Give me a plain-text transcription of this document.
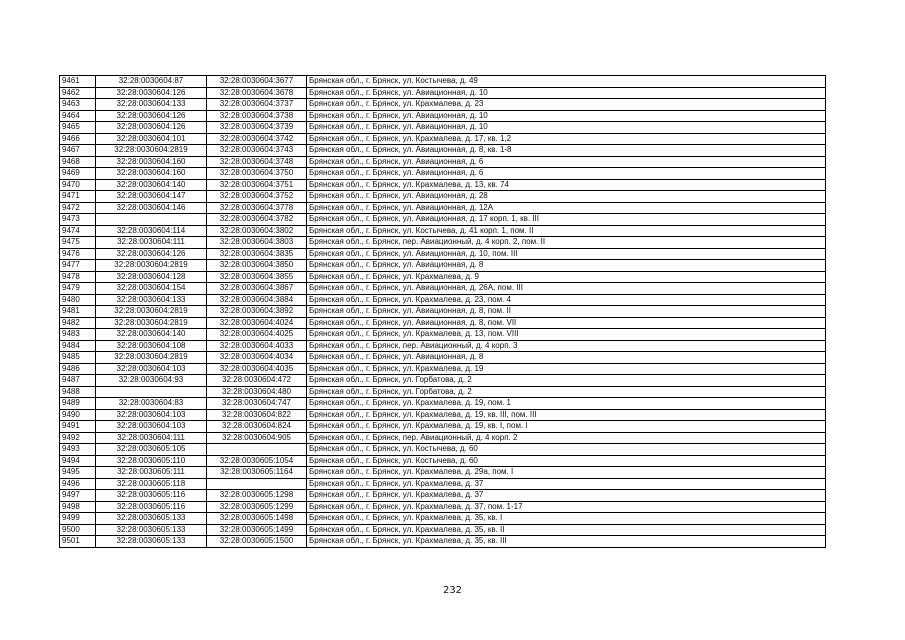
9461	32:28:0030604:87	32:28:0030604:3677	Брянская обл., г. Брянск, ул. Костычева, д. 49
9462	32:28:0030604:126	32:28:0030604:3678	Брянская обл., г. Брянск, ул. Авиационная, д. 10
9463	32:28:0030604:133	32:28:0030604:3737	Брянская обл., г. Брянск, ул. Крахмалева, д. 23
9464	32:28:0030604:126	32:28:0030604:3738	Брянская обл., г. Брянск, ул. Авиационная, д. 10
9465	32:28:0030604:126	32:28:0030604:3739	Брянская обл., г. Брянск, ул. Авиационная, д. 10
9466	32:28:0030604:101	32:28:0030604:3742	Брянская обл., г. Брянск, ул. Крахмалева, д. 17, кв. 1,2
9467	32:28:0030604:2819	32:28:0030604:3743	Брянская обл., г. Брянск, ул. Авиационная, д. 8, кв. 1-8
9468	32:28:0030604:160	32:28:0030604:3748	Брянская обл., г. Брянск, ул. Авиационная, д. 6
9469	32:28:0030604:160	32:28:0030604:3750	Брянская обл., г. Брянск, ул. Авиационная, д. 6
9470	32:28:0030604:140	32:28:0030604:3751	Брянская обл., г. Брянск, ул. Крахмалева, д. 13, кв. 74
9471	32:28:0030604:147	32:28:0030604:3752	Брянская обл., г. Брянск, ул. Авиационная, д. 28
9472	32:28:0030604:146	32:28:0030604:3778	Брянская обл., г. Брянск, ул. Авиационная, д. 12А
9473		32:28:0030604:3782	Брянская обл., г. Брянск, ул. Авиационная, д. 17 корп. 1, кв. III
9474	32:28:0030604:114	32:28:0030604:3802	Брянская обл., г. Брянск, ул. Костычева, д. 41 корп. 1, пом. II
9475	32:28:0030604:111	32:28:0030604:3803	Брянская обл., г. Брянск, пер. Авиационный, д. 4 корп. 2, пом. II
9476	32:28:0030604:126	32:28:0030604:3835	Брянская обл., г. Брянск, ул. Авиационная, д. 10, пом. III
9477	32:28:0030604:2819	32:28:0030604:3850	Брянская обл., г. Брянск, ул. Авиационная, д. 8
9478	32:28:0030604:128	32:28:0030604:3855	Брянская обл., г. Брянск, ул. Крахмалева, д. 9
9479	32:28:0030604:154	32:28:0030604:3867	Брянская обл., г. Брянск, ул. Авиационная, д. 26А, пом. III
9480	32:28:0030604:133	32:28:0030604:3884	Брянская обл., г. Брянск, ул. Крахмалева, д. 23, пом. 4
9481	32:28:0030604:2819	32:28:0030604:3892	Брянская обл., г. Брянск, ул. Авиационная, д. 8, пом. II
9482	32:28:0030604:2819	32:28:0030604:4024	Брянская обл., г. Брянск, ул. Авиационная, д. 8, пом. VII
9483	32:28:0030604:140	32:28:0030604:4025	Брянская обл., г. Брянск, ул. Крахмалева, д. 13, пом. VIII
9484	32:28:0030604:108	32:28:0030604:4033	Брянская обл., г. Брянск, пер. Авиационный, д. 4 корп. 3
9485	32:28:0030604:2819	32:28:0030604:4034	Брянская обл., г. Брянск, ул. Авиационная, д. 8
9486	32:28:0030604:103	32:28:0030604:4035	Брянская обл., г. Брянск, ул. Крахмалева, д. 19
9487	32:28:0030604:93	32:28:0030604:472	Брянская обл., г. Брянск, ул. Горбатова, д. 2
9488		32:28:0030604:480	Брянская обл., г. Брянск, ул. Горбатова, д. 2
9489	32:28:0030604:83	32:28:0030604:747	Брянская обл., г. Брянск, ул. Крахмалева, д. 19, пом. 1
9490	32:28:0030604:103	32:28:0030604:822	Брянская обл., г. Брянск, ул. Крахмалева, д. 19, кв. III, пом. III
9491	32:28:0030604:103	32:28:0030604:824	Брянская обл., г. Брянск, ул. Крахмалева, д. 19, кв. I, пом. I
9492	32:28:0030604:111	32:28:0030604:905	Брянская обл., г. Брянск, пер. Авиационный, д. 4 корп. 2
9493	32:28:0030605:105		Брянская обл., г. Брянск, ул. Костычева, д. 60
9494	32:28:0030605:110	32:28:0030605:1054	Брянская обл., г. Брянск, ул. Костычева, д. 60
9495	32:28:0030605:111	32:28:0030605:1164	Брянская обл., г. Брянск, ул. Крахмалева, д. 29а, пом. I
9496	32:28:0030605:118		Брянская обл., г. Брянск, ул. Крахмалева, д. 37
9497	32:28:0030605:116	32:28:0030605:1298	Брянская обл., г. Брянск, ул. Крахмалева, д. 37
9498	32:28:0030605:116	32:28:0030605:1299	Брянская обл., г. Брянск, ул. Крахмалева, д. 37, пом. 1-17
9499	32:28:0030605:133	32:28:0030605:1498	Брянская обл., г. Брянск, ул. Крахмалева, д. 35, кв. I
9500	32:28:0030605:133	32:28:0030605:1499	Брянская обл., г. Брянск, ул. Крахмалева, д. 35, кв. II
9501	32:28:0030605:133	32:28:0030605:1500	Брянская обл., г. Брянск, ул. Крахмалева, д. 35, кв. III
232
